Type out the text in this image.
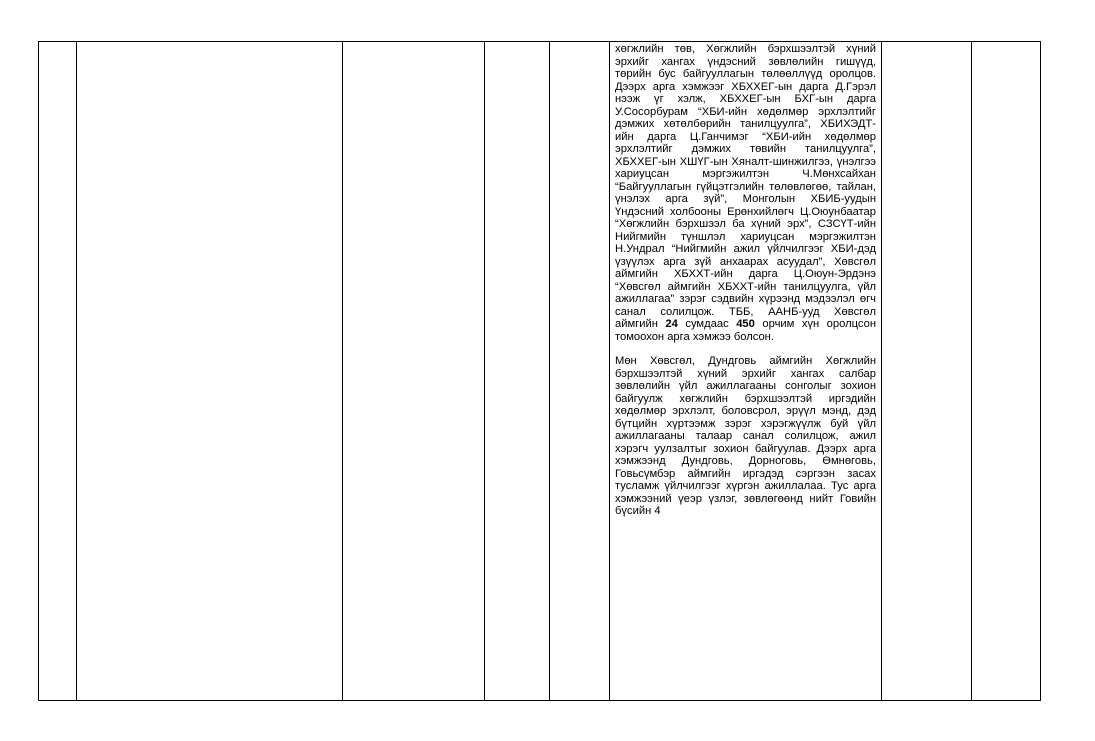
хөгжлийн төв, Хөгжлийн бэрхшээлтэй хүний эрхийг хангах үндэсний зөвлөлийн гишүүд, төрийн бус байгууллагын төлөөллүүд оролцов. Дээрх арга хэмжээг ХБХХЕГ-ын дарга Д.Гэрэл нээж үг хэлж, ХБХХЕГ-ын БХГ-ын дарга У.Сосорбурам “ХБИ-ийн хөдөлмөр эрхлэлтийг дэмжих хөтөлбөрийн танилцуулга”, ХБИХЭДТ-ийн дарга Ц.Ганчимэг “ХБИ-ийн хөдөлмөр эрхлэлтийг дэмжих төвийн танилцуулга”, ХБХХЕГ-ын ХШҮГ-ын Хяналт-шинжилгээ, үнэлгээ хариуцсан мэргэжилтэн Ч.Мөнхсайхан “Байгууллагын гүйцэтгэлийн төлөвлөгөө, тайлан, үнэлэх арга зүй”, Монголын ХБИБ-уудын Үндэсний холбооны Ерөнхийлөгч Ц.Оюунбаатар “Хөгжлийн бэрхшээл ба хүний эрх”, СЗСҮТ-ийн Нийгмийн түншлэл хариуцсан мэргэжилтэн Н.Ундрал “Нийгмийн ажил үйлчилгээг ХБИ-дэд үзүүлэх арга зүй анхаарах асуудал”, Хөвсгөл аймгийн ХБХХТ-ийн дарга Ц.Оюун-Эрдэнэ “Хөвсгөл аймгийн ХБХХТ-ийн танилцуулга, үйл ажиллагаа” зэрэг сэдвийн хүрээнд мэдээлэл өгч санал солилцож. ТББ, ААНБ-ууд Хөвсгөл аймгийн 24 сумдаас 450 орчим хүн оролцсон томоохон арга хэмжээ болсон.

Мөн Хөвсгөл, Дундговь аймгийн Хөгжлийн бэрхшээлтэй хүний эрхийг хангах салбар зөвлөлийн үйл ажиллагааны сонголыг зохион байгуулж хөгжлийн бэрхшээлтэй иргэдийн хөдөлмөр эрхлэлт, боловсрол, эрүүл мэнд, дэд бүтцийн хүртээмж зэрэг хэрэгжүүлж буй үйл ажиллагааны талаар санал солилцож, ажил хэрэгч уулзалтыг зохион байгуулав. Дээрх арга хэмжээнд Дундговь, Дорноговь, Өмнөговь, Говьсүмбэр аймгийн иргэдэд сэргээн засах тусламж үйлчилгээг хүргэн ажиллалаа. Тус арга хэмжээний үеэр үзлэг, зөвлөгөөнд нийт Говийн бүсийн 4
